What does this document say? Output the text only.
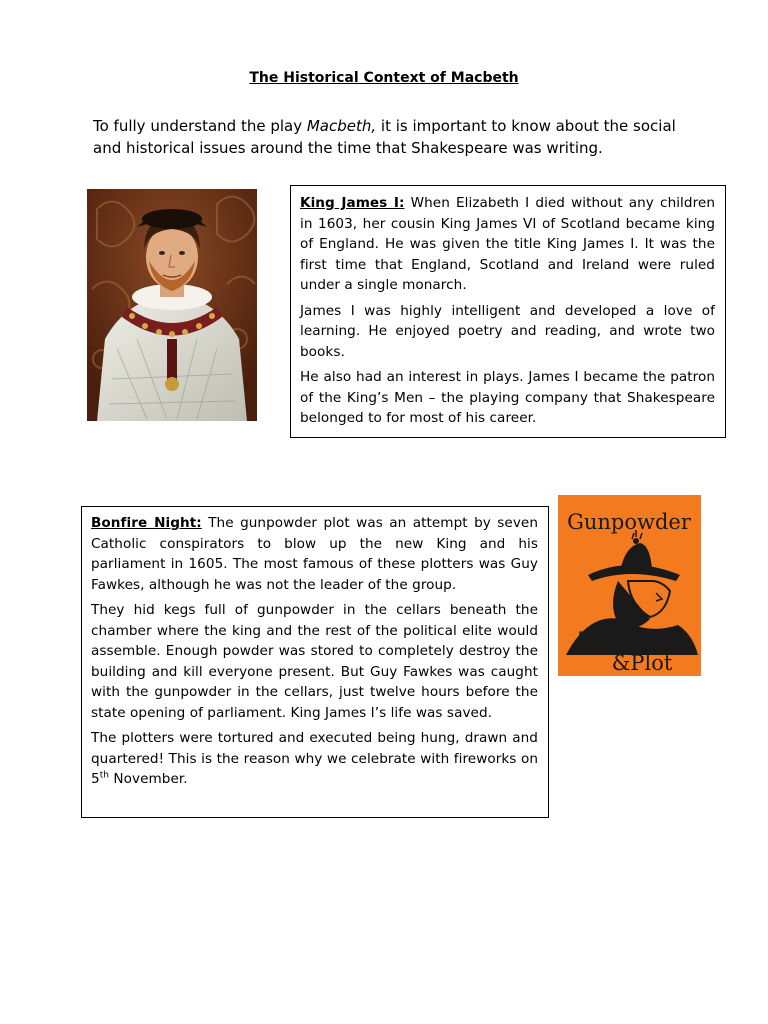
The Historical Context of Macbeth
To fully understand the play Macbeth, it is important to know about the social and historical issues around the time that Shakespeare was writing.

King James I: When Elizabeth I died without any children in 1603, her cousin King James VI of Scotland became king of England. He was given the title King James I. It was the first time that England, Scotland and Ireland were ruled under a single monarch.

James I was highly intelligent and developed a love of learning. He enjoyed poetry and reading, and wrote two books.

He also had an interest in plays. James I became the patron of the King’s Men – the playing company that Shakespeare belonged to for most of his career.

Bonfire Night: The gunpowder plot was an attempt by seven Catholic conspirators to blow up the new King and his parliament in 1605. The most famous of these plotters was Guy Fawkes, although he was not the leader of the group.

They hid kegs full of gunpowder in the cellars beneath the chamber where the king and the rest of the political elite would assemble. Enough powder was stored to completely destroy the building and kill everyone present. But Guy Fawkes was caught with the gunpowder in the cellars, just twelve hours before the state opening of parliament. King James I’s life was saved.

The plotters were tortured and executed being hung, drawn and quartered! This is the reason why we celebrate with fireworks on 5th November.

Gunpowder
Treason
&Plot
